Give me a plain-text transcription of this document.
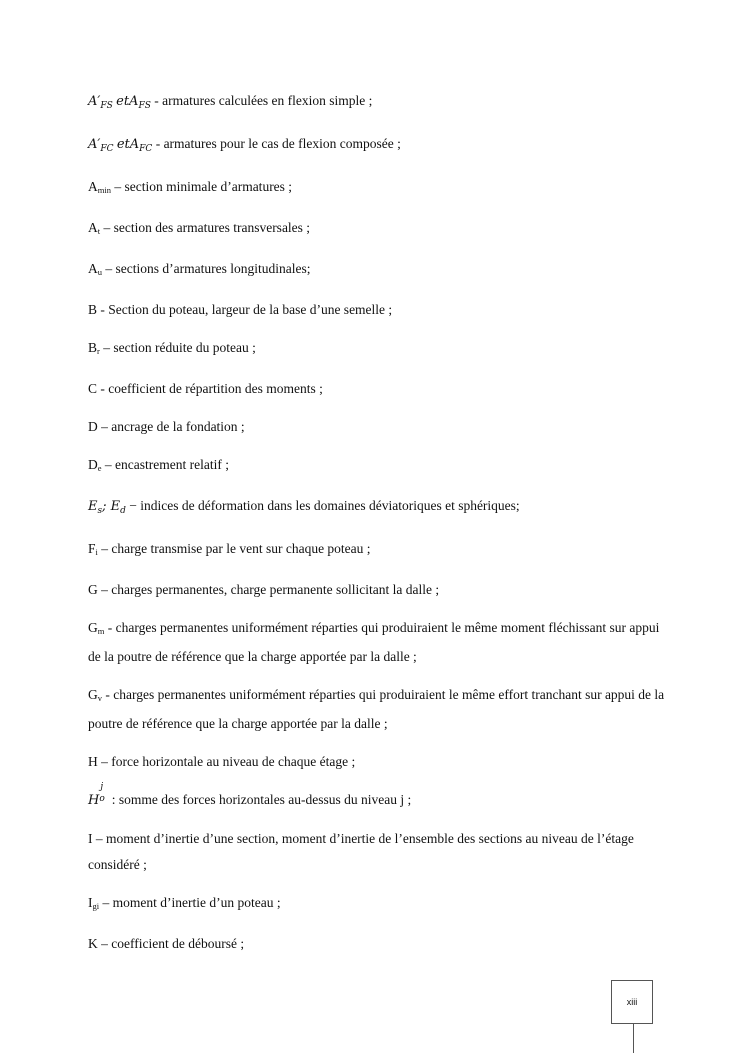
$A'_{FS}$ etA$_{FS}$ - armatures calculées en flexion simple ;
$A'_{FC}$ etA$_{FC}$ - armatures pour le cas de flexion composée ;
Amin – section minimale d’armatures ;
At – section des armatures transversales ;
Au – sections d’armatures longitudinales;
B - Section du poteau, largeur de la base d’une semelle ;
Br – section réduite du poteau ;
C - coefficient de répartition des moments ;
D – ancrage de la fondation ;
De – encastrement relatif ;
$E_s$; $E_d$ − indices de déformation dans les domaines déviatoriques et sphériques;
Fi – charge transmise par le vent sur chaque poteau ;
G – charges permanentes, charge permanente sollicitant la dalle ;
Gm - charges permanentes uniformément réparties qui produiraient le même moment fléchissant sur appui de la poutre de référence que la charge apportée par la dalle ;
Gv - charges permanentes uniformément réparties qui produiraient le même effort tranchant sur appui de la poutre de référence que la charge apportée par la dalle ;
H – force horizontale au niveau de chaque étage ;
H
j
o : somme des forces horizontales au-dessus du niveau j ;
I – moment d’inertie d’une section, moment d’inertie de l’ensemble des sections au niveau de l’étage considéré ;
Igi – moment d’inertie d’un poteau ;
K – coefficient de déboursé ;
xiii
